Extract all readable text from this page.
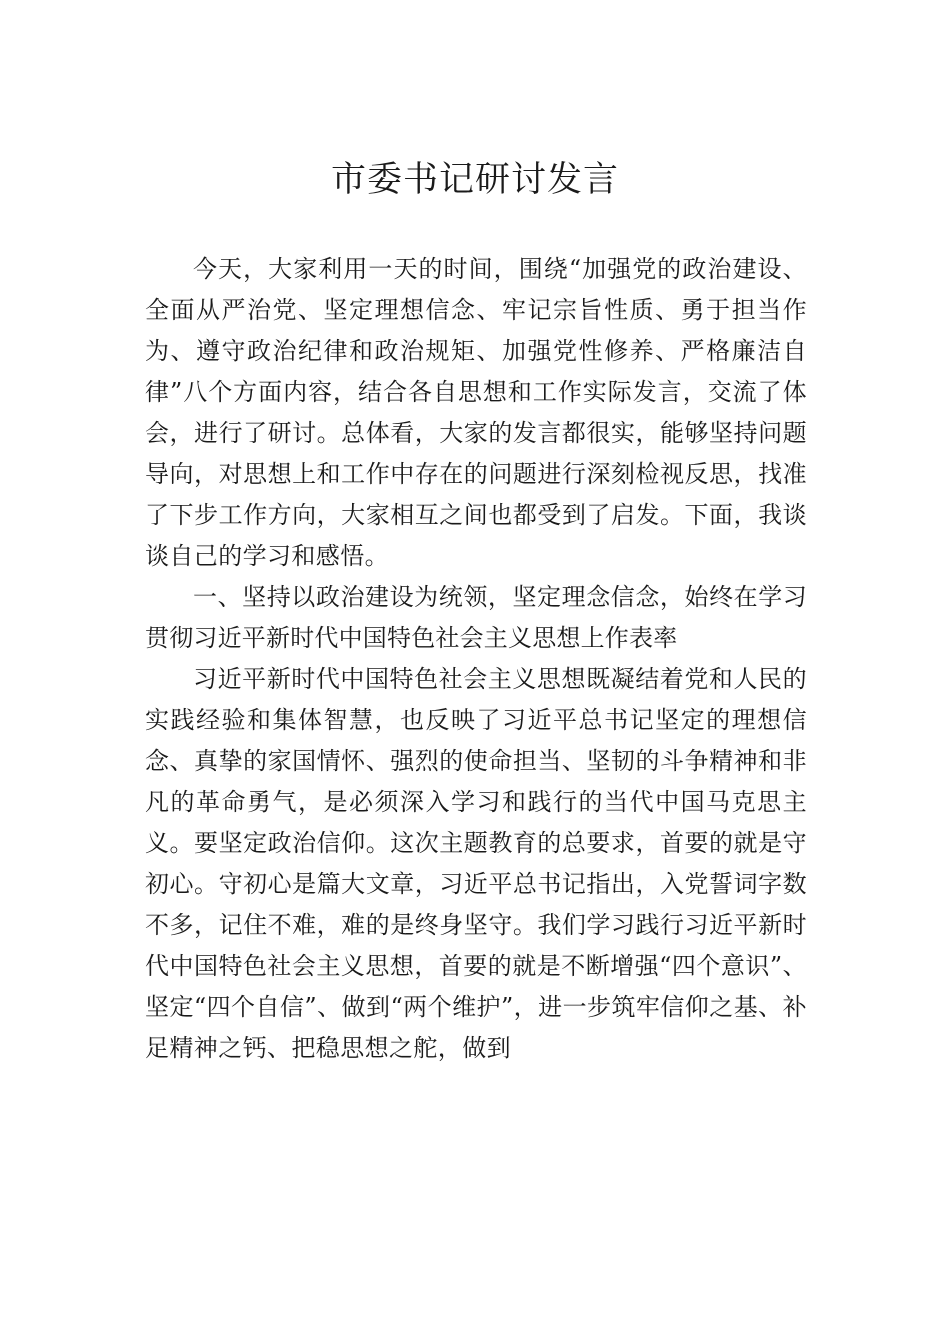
市委书记研讨发言

今天，大家利用一天的时间，围绕“加强党的政治建设、全面从严治党、坚定理想信念、牢记宗旨性质、勇于担当作为、遵守政治纪律和政治规矩、加强党性修养、严格廉洁自律”八个方面内容，结合各自思想和工作实际发言，交流了体会，进行了研讨。总体看，大家的发言都很实，能够坚持问题导向，对思想上和工作中存在的问题进行深刻检视反思，找准了下步工作方向，大家相互之间也都受到了启发。下面，我谈谈自己的学习和感悟。

一、坚持以政治建设为统领，坚定理念信念，始终在学习贯彻习近平新时代中国特色社会主义思想上作表率

习近平新时代中国特色社会主义思想既凝结着党和人民的实践经验和集体智慧，也反映了习近平总书记坚定的理想信念、真挚的家国情怀、强烈的使命担当、坚韧的斗争精神和非凡的革命勇气，是必须深入学习和践行的当代中国马克思主义。要坚定政治信仰。这次主题教育的总要求，首要的就是守初心。守初心是篇大文章，习近平总书记指出，入党誓词字数不多，记住不难，难的是终身坚守。我们学习践行习近平新时代中国特色社会主义思想，首要的就是不断增强“四个意识”、坚定“四个自信”、做到“两个维护”，进一步筑牢信仰之基、补足精神之钙、把稳思想之舵，做到
